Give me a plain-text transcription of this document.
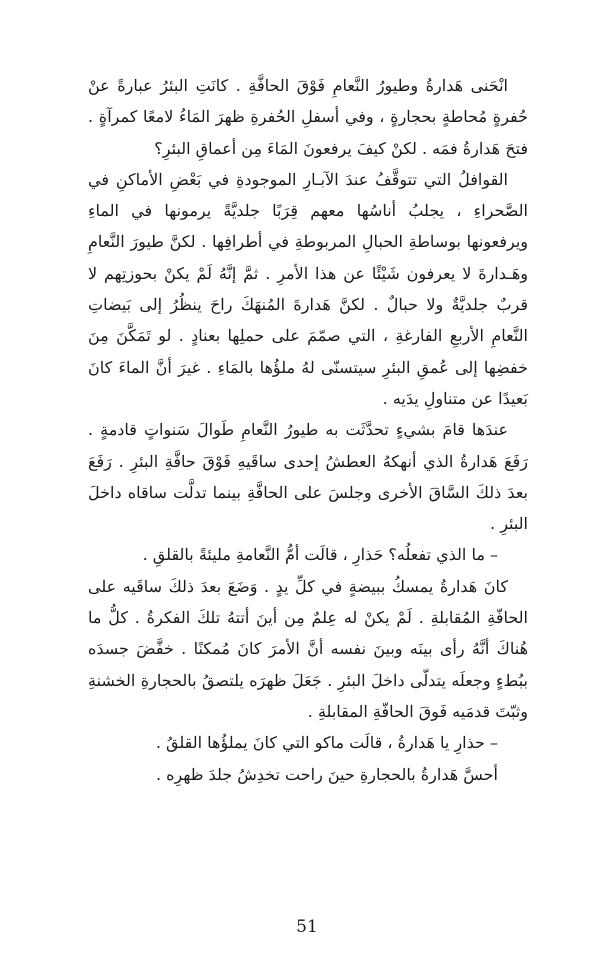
انْحَنى هَدارةُ وطيورُ النَّعامِ فَوْقَ الحافَّةِ . كانَتِ البئرُ عبارةً عنْ حُفرةٍ مُحاطةٍ بحجارةٍ ، وفي أسفلِ الحُفرةِ ظهرَ المَاءُ لامعًا كمرآةٍ . فتحَ هَدارةُ فمَه . لكنْ كيفَ يرفعونَ المَاءَ مِن أعماقِ البئرِ؟

القوافلُ التي تتوقَّفُ عندَ الآبـارِ الموجودةِ في بَعْضِ الأماكنِ في الصَّحراءِ ، يجلبُ أناسُها معهم قِرَبًا جلديَّةً يرمونها في الماءِ ويرفعونها بوساطةِ الحبالِ المربوطةِ في أطرافِها . لكنَّ طيورَ النَّعامِ وهَـدارةَ لا يعرفون شَيْئًا عن هذا الأمرِ . ثمَّ إنَّهُ لَمْ يكنْ بحوزتِهم لا قربٌ جلديَّةٌ ولا حبالٌ . لكنَّ هَدارةَ المُنهَكَ راحَ ينظُرُ إلى بَيضاتِ النَّعامِ الأربعِ الفارغةِ ، التي صمّمَ على حملِها بعنادٍ . لو تَمَكَّنَ مِنَ خفضِها إلى عُمقِ البئرِ سيتسنّى لهُ ملؤُها بالمَاءِ . غيرَ أنَّ الماءَ كانَ بَعيدًا عن متناولِ يدَيه .

عندَها قامَ بشيءٍ تحدَّثَت به طيورُ النَّعامِ طَوالَ سَنواتٍ قادمةٍ . رَفَعَ هَدارةُ الذي أنهكهُ العطشُ إحدى ساقَيهِ فَوْقَ حافَّةِ البئرِ . رَفَعَ بعدَ ذلكَ السَّاقَ الأخرى وجلسَ على الحافَّةِ بينما تدلَّت ساقاه داخلَ البئرِ .

– ما الذي تفعلُه؟ حَذارِ ، قالَت أمُّ النَّعامةِ مليئةً بالقلقِ .

كانَ هَدارةُ يمسكُ ببيضةٍ في كلِّ يدٍ . وَضَعَ بعدَ ذلكَ ساقَيه على الحافّةِ المُقابلةِ . لَمْ يكنْ له عِلمٌ مِن أينَ أتتهُ تلكَ الفكرةُ . كلُّ ما هُناكَ أنَّهُ رأى بينَه وبينَ نفسه أنَّ الأمرَ كانَ مُمكنًا . خفَّضَ جسدَه ببُطءٍ وجعلَه يتدلّى داخلَ البئرِ . جَعَلَ ظهرَه يلتصقُ بالحجارةِ الخشنةِ وثبّتَ قدمَيه فَوقَ الحافّةِ المقابلةِ .

– حذارِ يا هَدارةُ ، قالَت ماكو التي كانَ يملؤُها القلقُ .

أحسَّ هَدارةُ بالحجارةِ حينَ راحت تخدِشُ جلدَ ظهرِه .

51
